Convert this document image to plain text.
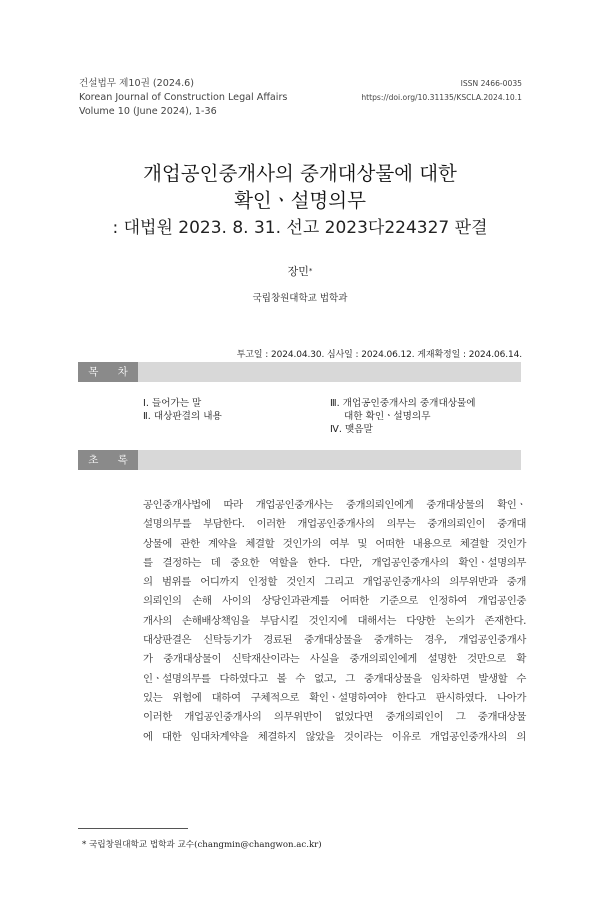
건설법무 제10권 (2024.6)
Korean Journal of Construction Legal Affairs
Volume 10 (June 2024), 1-36
ISSN 2466-0035
https://doi.org/10.31135/KSCLA.2024.10.1
개업공인중개사의 중개대상물에 대한
확인ㆍ설명의무
: 대법원 2023. 8. 31. 선고 2023다224327 판결
장민*
국립창원대학교 법학과
투고일 : 2024.04.30. 심사일 : 2024.06.12. 게재확정일 : 2024.06.14.
목 차
Ⅰ. 들어가는 말
Ⅱ. 대상판결의 내용
Ⅲ. 개업공인중개사의 중개대상물에
대한 확인ㆍ설명의무
Ⅳ. 맺음말
초 록
공인중개사법에 따라 개업공인중개사는 중개의뢰인에게 중개대상물의 확인ㆍ
설명의무를 부담한다. 이러한 개업공인중개사의 의무는 중개의뢰인이 중개대
상물에 관한 계약을 체결할 것인가의 여부 및 어떠한 내용으로 체결할 것인가
를 결정하는 데 중요한 역할을 한다. 다만, 개업공인중개사의 확인ㆍ설명의무
의 범위를 어디까지 인정할 것인지 그리고 개업공인중개사의 의무위반과 중개
의뢰인의 손해 사이의 상당인과관계를 어떠한 기준으로 인정하여 개업공인중
개사의 손해배상책임을 부담시킬 것인지에 대해서는 다양한 논의가 존재한다.
대상판결은 신탁등기가 경료된 중개대상물을 중개하는 경우, 개업공인중개사
가 중개대상물이 신탁재산이라는 사실을 중개의뢰인에게 설명한 것만으로 확
인ㆍ설명의무를 다하였다고 볼 수 없고, 그 중개대상물을 임차하면 발생할 수
있는 위험에 대하여 구체적으로 확인ㆍ설명하여야 한다고 판시하였다. 나아가
이러한 개업공인중개사의 의무위반이 없었다면 중개의뢰인이 그 중개대상물
에 대한 임대차계약을 체결하지 않았을 것이라는 이유로 개업공인중개사의 의
* 국립창원대학교 법학과 교수(changmin@changwon.ac.kr)
